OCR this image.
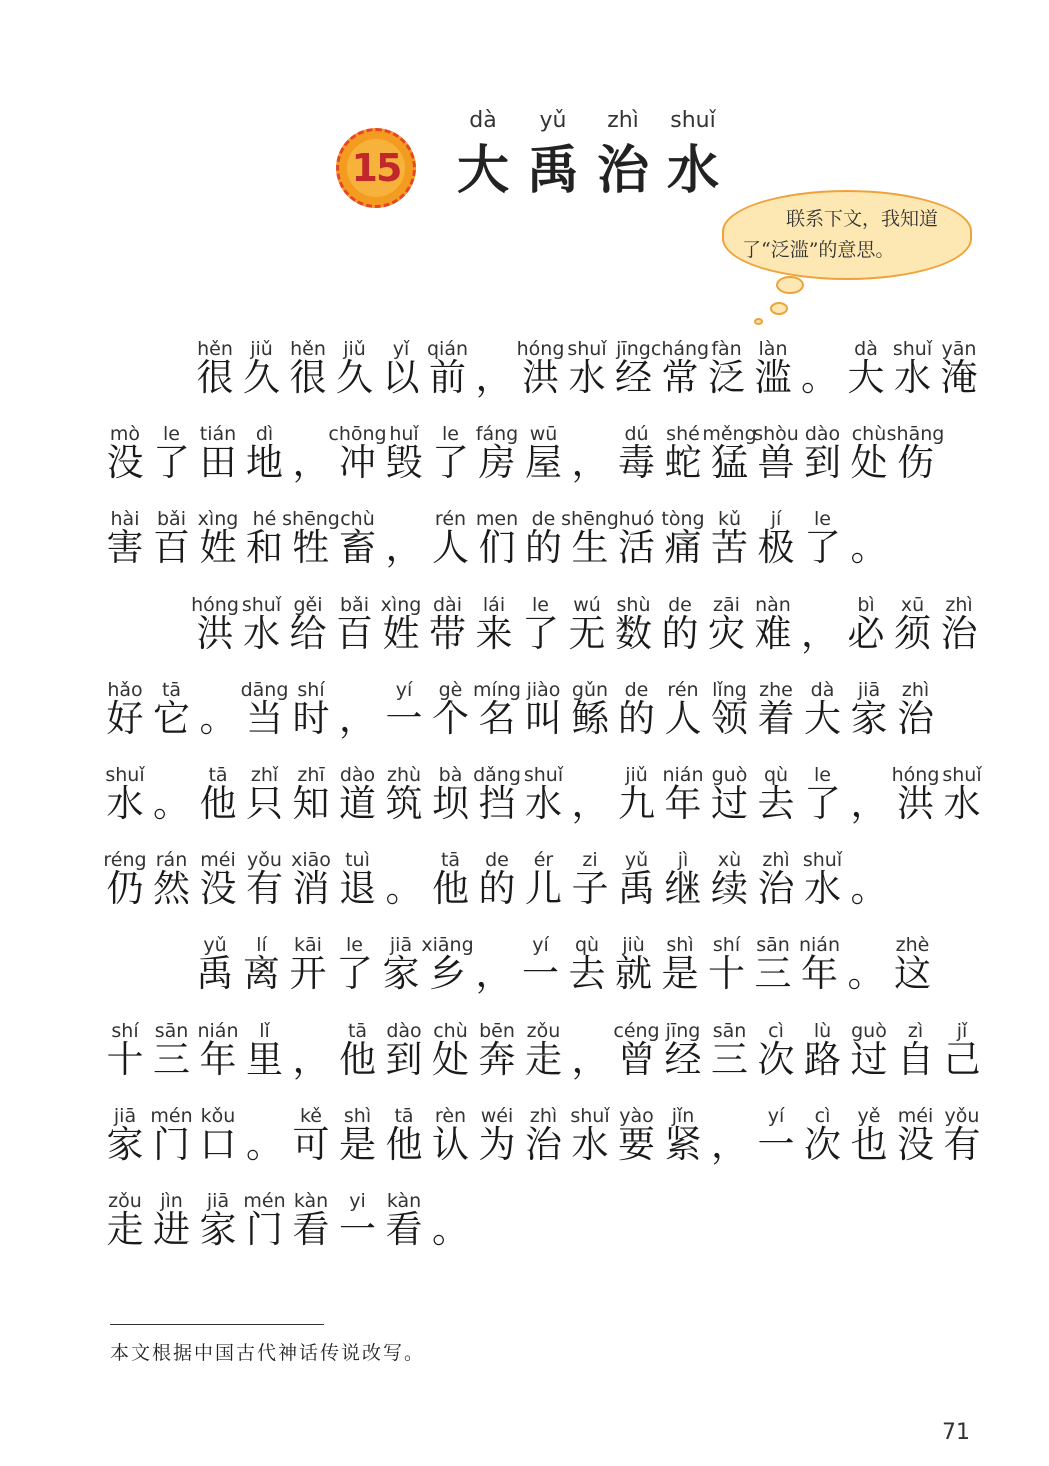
15
dà	yǔ	zhì	shuǐ
大 禹 治 水
联系下文，我知道
了“泛滥”的意思。
hěn
很
jiǔ
久
hěn
很
jiǔ
久
yǐ
以
qián
前 ，
hóng
洪
shuǐ
水
jīng
经
cháng
常
fàn
泛
làn
滥 。
dà
大
shuǐ
水
yān
淹
mò
没
le
了
tián
田
dì
地 ，
chōng
冲
huǐ
毁
le
了
fáng
房
wū
屋 ，
dú
毒
shé
蛇
měng
猛
shòu
兽
dào
到
chù
处
shāng
伤
hài
害
bǎi
百
xìng
姓
hé
和
shēng
牲
chù
畜 ，
rén
人
men
们
de
的
shēng
生
huó
活
tòng
痛
kǔ
苦
jí
极
le
了 。
hóng
洪
shuǐ
水
gěi
给
bǎi
百
xìng
姓
dài
带
lái
来
le
了
wú
无
shù
数
de
的
zāi
灾
nàn
难 ，
bì
必
xū
须
zhì
治
hǎo
好
tā
它 。
dāng
当
shí
时 ，
yí
一
gè
个
míng
名
jiào
叫
gǔn
鲧
de
的
rén
人
lǐng
领
zhe
着
dà
大
jiā
家
zhì
治
shuǐ
水 。
tā
他
zhǐ
只
zhī
知
dào
道
zhù
筑
bà
坝
dǎng
挡
shuǐ
水 ，
jiǔ
九
nián
年
guò
过
qù
去
le
了 ，
hóng
洪
shuǐ
水
réng
仍
rán
然
méi
没
yǒu
有
xiāo
消
tuì
退 。
tā
他
de
的
ér
儿
zi
子
yǔ
禹
jì
继
xù
续
zhì
治
shuǐ
水 。
yǔ
禹
lí
离
kāi
开
le
了
jiā
家
xiāng
乡 ，
yí
一
qù
去
jiù
就
shì
是
shí
十
sān
三
nián
年 。
zhè
这
shí
十
sān
三
nián
年
lǐ
里 ，
tā
他
dào
到
chù
处
bēn
奔
zǒu
走 ，
céng
曾
jīng
经
sān
三
cì
次
lù
路
guò
过
zì
自
jǐ
己
jiā
家
mén
门
kǒu
口 。
kě
可
shì
是
tā
他
rèn
认
wéi
为
zhì
治
shuǐ
水
yào
要
jǐn
紧 ，
yí
一
cì
次
yě
也
méi
没
yǒu
有
zǒu
走
jìn
进
jiā
家
mén
门
kàn
看
yi
一
kàn
看 。
本文根据中国古代神话传说改写。
71
